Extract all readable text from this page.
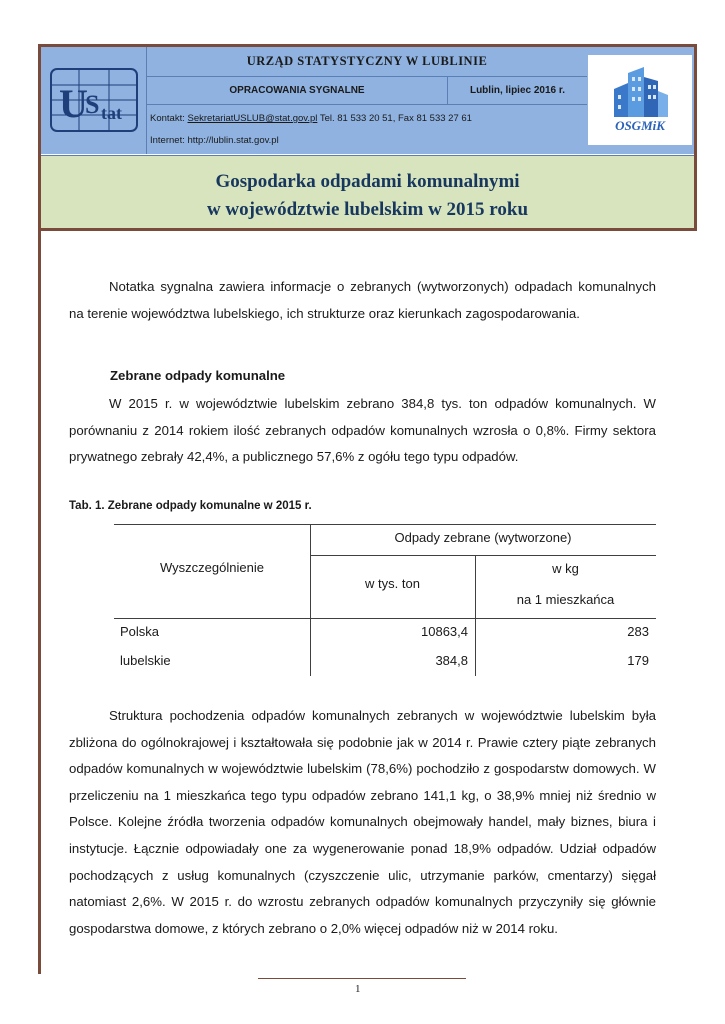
U
S tat
URZĄD STATYSTYCZNY W LUBLINIE
OPRACOWANIA SYGNALNE	Lublin, lipiec 2016 r.
Kontakt: SekretariatUSLUB@stat.gov.pl Tel. 81 533 20 51, Fax 81 533 27 61
Internet: http://lublin.stat.gov.pl
OSGMiK
Gospodarka odpadami komunalnymi
w województwie lubelskim w 2015 roku
Notatka sygnalna zawiera informacje o zebranych (wytworzonych) odpadach komunalnych na terenie województwa lubelskiego, ich strukturze oraz kierunkach zagospodarowania.
Zebrane odpady komunalne
W 2015 r. w województwie lubelskim zebrano 384,8 tys. ton odpadów komunalnych. W porównaniu z 2014 rokiem ilość zebranych odpadów komunalnych wzrosła o 0,8%. Firmy sektora prywatnego zebrały 42,4%, a publicznego 57,6% z ogółu tego typu odpadów.
Tab. 1. Zebrane odpady komunalne w 2015 r.
Wyszczególnienie
Odpady zebrane (wytworzone)
w tys. ton
w kg
na 1 mieszkańca
Polska	10863,4	283
lubelskie	384,8	179
Struktura pochodzenia odpadów komunalnych zebranych w województwie lubelskim była zbliżona do ogólnokrajowej i kształtowała się podobnie jak w 2014 r. Prawie cztery piąte zebranych odpadów komunalnych w województwie lubelskim (78,6%) pochodziło z gospodarstw domowych. W przeliczeniu na 1 mieszkańca tego typu odpadów zebrano 141,1 kg, o 38,9% mniej niż średnio w Polsce. Kolejne źródła tworzenia odpadów komunalnych obejmowały handel, mały biznes, biura i instytucje. Łącznie odpowiadały one za wygenerowanie ponad 18,9% odpadów. Udział odpadów pochodzących z usług komunalnych (czyszczenie ulic, utrzymanie parków, cmentarzy) sięgał natomiast 2,6%. W 2015 r. do wzrostu zebranych odpadów komunalnych przyczyniły się głównie gospodarstwa domowe, z których zebrano o 2,0% więcej odpadów niż w 2014 roku.
1
